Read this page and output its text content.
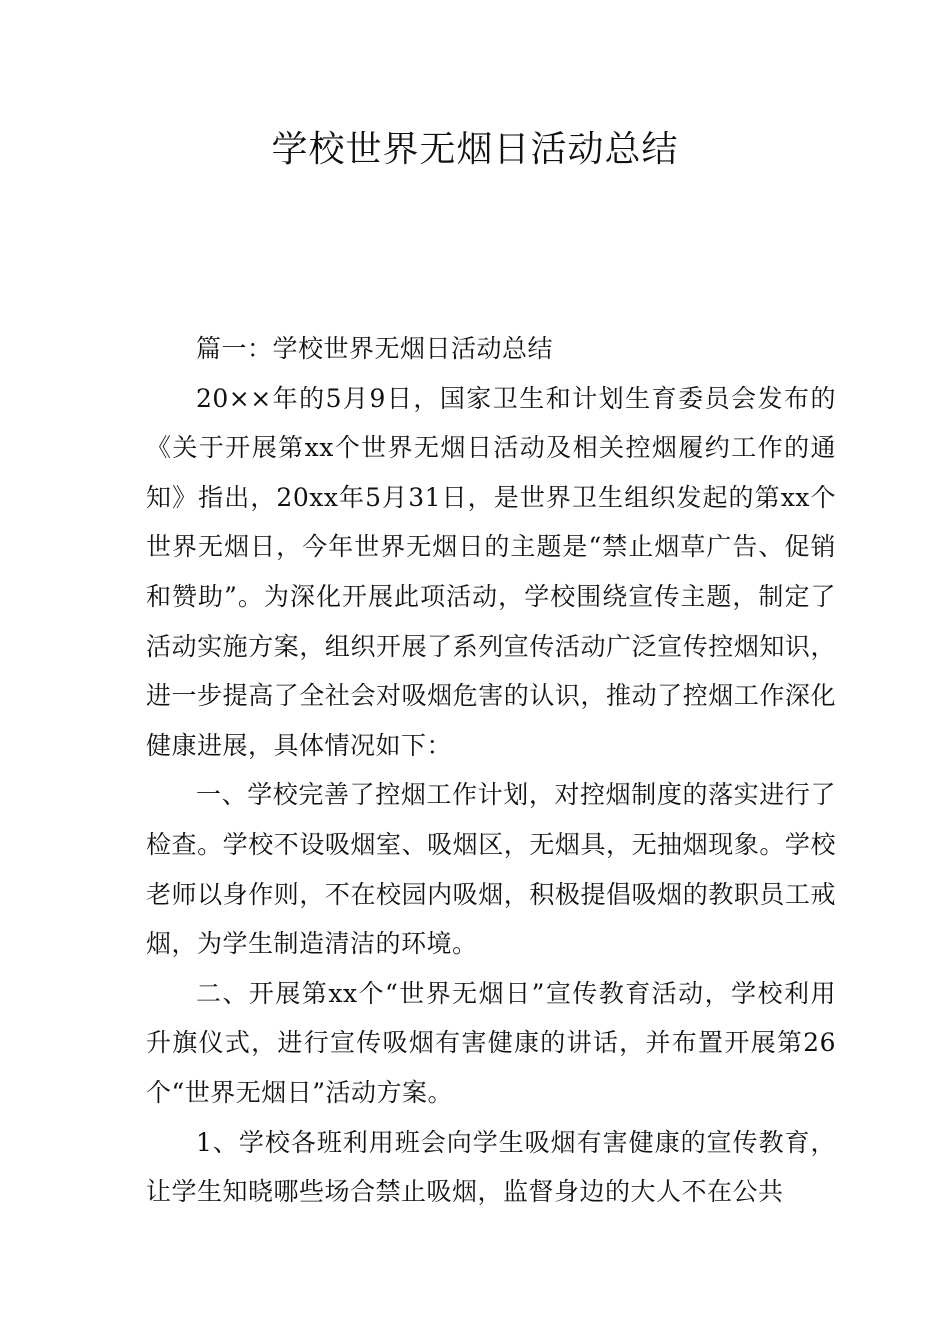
学校世界无烟日活动总结

篇一：学校世界无烟日活动总结

20××年的5月9日，国家卫生和计划生育委员会发布的《关于开展第xx个世界无烟日活动及相关控烟履约工作的通知》指出，20xx年5月31日，是世界卫生组织发起的第xx个世界无烟日，今年世界无烟日的主题是“禁止烟草广告、促销和赞助”。为深化开展此项活动，学校围绕宣传主题，制定了活动实施方案，组织开展了系列宣传活动广泛宣传控烟知识，进一步提高了全社会对吸烟危害的认识，推动了控烟工作深化健康进展，具体情况如下：

一、学校完善了控烟工作计划，对控烟制度的落实进行了检查。学校不设吸烟室、吸烟区，无烟具，无抽烟现象。学校老师以身作则，不在校园内吸烟，积极提倡吸烟的教职员工戒烟，为学生制造清洁的环境。

二、开展第xx个“世界无烟日”宣传教育活动，学校利用升旗仪式，进行宣传吸烟有害健康的讲话，并布置开展第26个“世界无烟日”活动方案。

1、学校各班利用班会向学生吸烟有害健康的宣传教育，让学生知晓哪些场合禁止吸烟，监督身边的大人不在公共
